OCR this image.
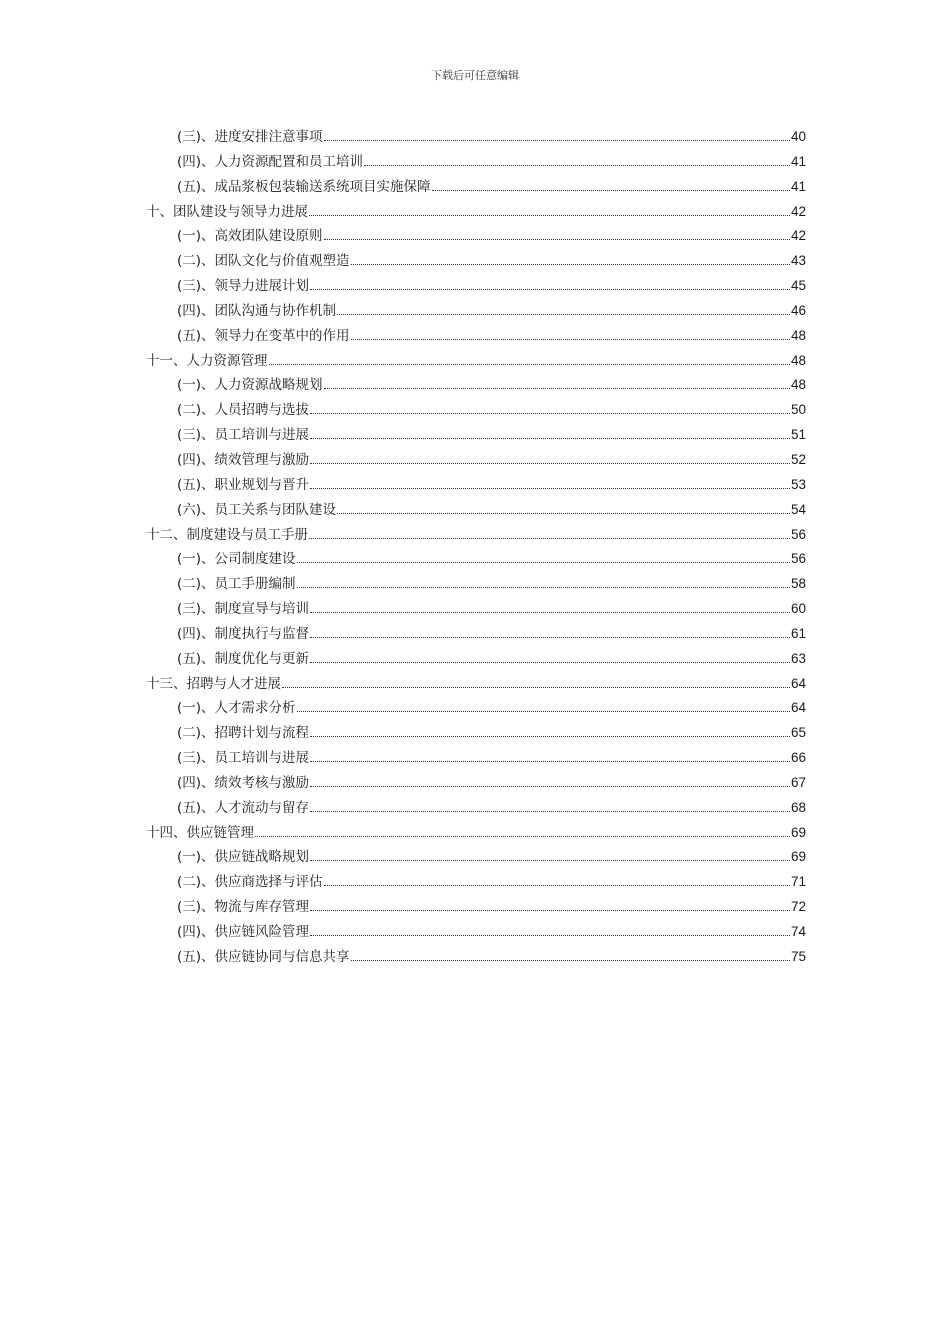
下载后可任意编辑
(三)、进度安排注意事项	40
(四)、人力资源配置和员工培训	41
(五)、成品浆板包装输送系统项目实施保障	41
十、团队建设与领导力进展	42
(一)、高效团队建设原则	42
(二)、团队文化与价值观塑造	43
(三)、领导力进展计划	45
(四)、团队沟通与协作机制	46
(五)、领导力在变革中的作用	48
十一、人力资源管理	48
(一)、人力资源战略规划	48
(二)、人员招聘与选拔	50
(三)、员工培训与进展	51
(四)、绩效管理与激励	52
(五)、职业规划与晋升	53
(六)、员工关系与团队建设	54
十二、制度建设与员工手册	56
(一)、公司制度建设	56
(二)、员工手册编制	58
(三)、制度宣导与培训	60
(四)、制度执行与监督	61
(五)、制度优化与更新	63
十三、招聘与人才进展	64
(一)、人才需求分析	64
(二)、招聘计划与流程	65
(三)、员工培训与进展	66
(四)、绩效考核与激励	67
(五)、人才流动与留存	68
十四、供应链管理	69
(一)、供应链战略规划	69
(二)、供应商选择与评估	71
(三)、物流与库存管理	72
(四)、供应链风险管理	74
(五)、供应链协同与信息共享	75
